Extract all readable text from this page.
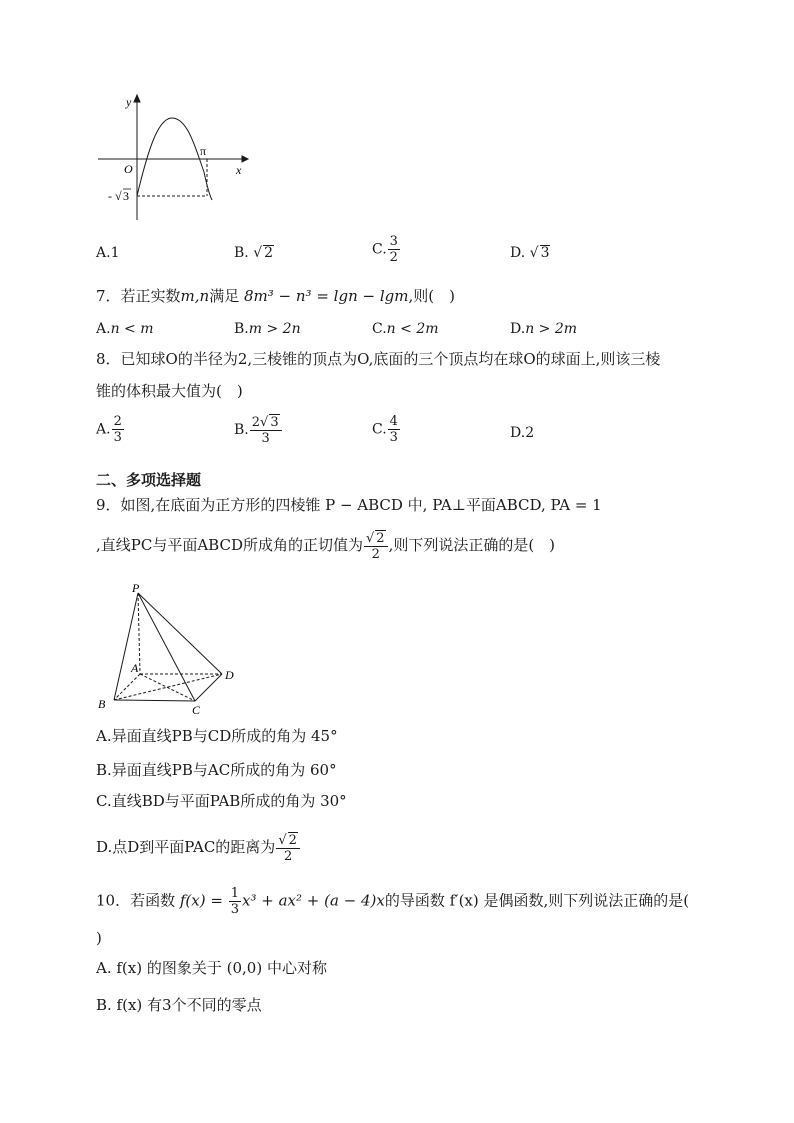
y
x
O
π
- √ 3
A.1	B. √ 2	C. $\frac{3}{2}$	D. √ 3
7．若正实数m,n满足 8m³ − n³ = lgn − lgm,则(　)
A.n < m	B.m > 2n	C.n < 2m	D.n > 2m
8．已知球O的半径为2,三棱锥的顶点为O,底面的三个顶点均在球O的球面上,则该三棱
锥的体积最大值为(　)
A. $\frac{2}{3}$	B. $\frac{2√ 3}{3}$	C. $\frac{4}{3}$	D.2
二、多项选择题
9．如图,在底面为正方形的四棱锥 P − ABCD 中, PA⊥平面ABCD, PA = 1
,直线PC与平面ABCD所成角的正切值为 $\frac{√ 2}{2}$ ,则下列说法正确的是(　)
P
A
B	C
D
A.异面直线PB与CD所成的角为 45°
B.异面直线PB与AC所成的角为 60°
C.直线BD与平面PAB所成的角为 30°
D.点D到平面PAC的距离为 $\frac{√ 2}{2}$
10．若函数 $f(x) = \frac{1}{3} x^3 + ax^2 + (a - 4)x$的导函数 f′(x) 是偶函数,则下列说法正确的是(
)
A. f(x) 的图象关于 (0,0) 中心对称
B. f(x) 有3个不同的零点
